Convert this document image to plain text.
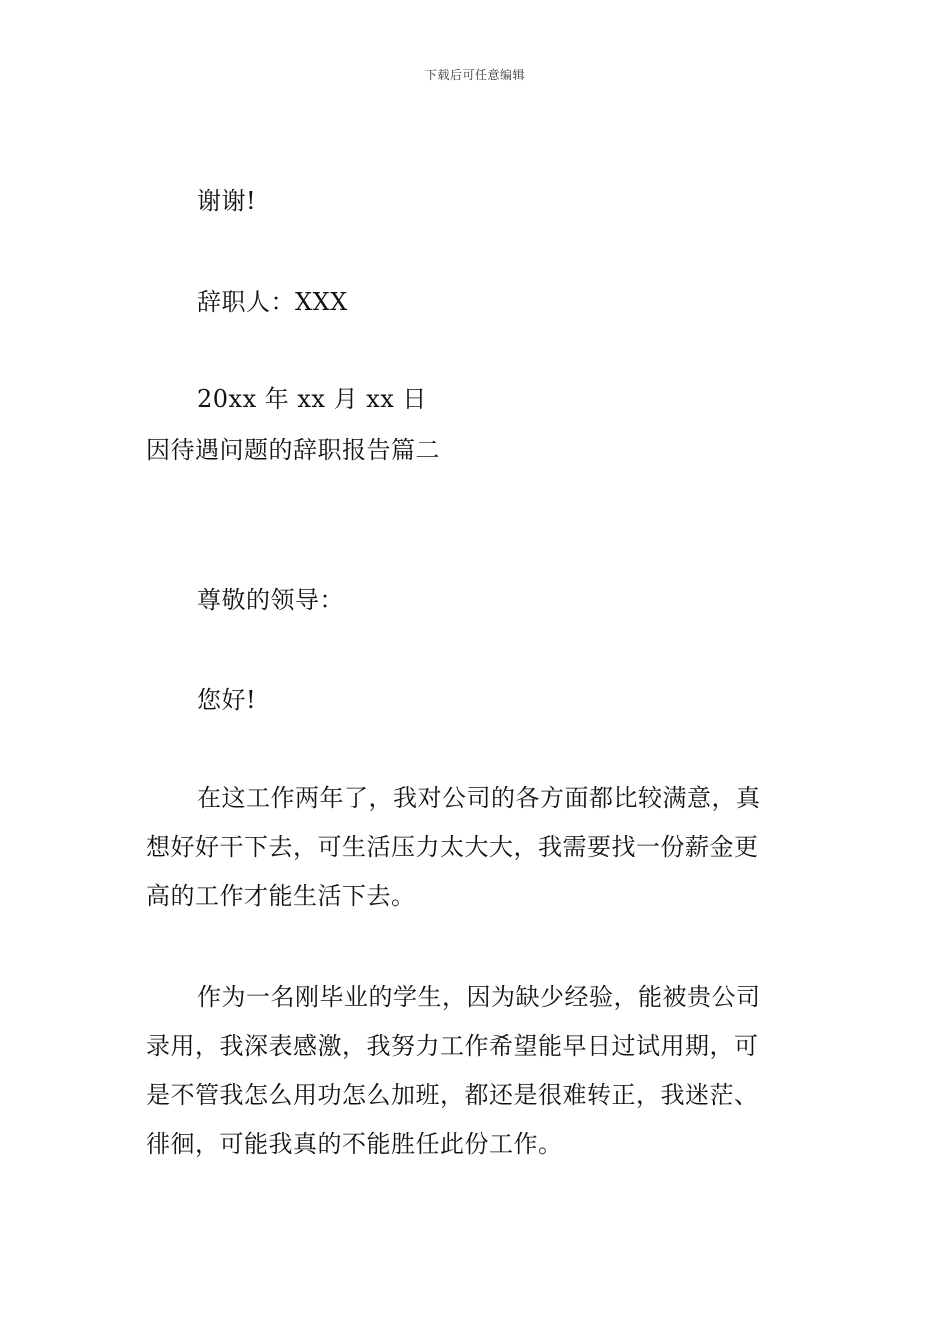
下载后可任意编辑
谢谢!
辞职人：XXX
20xx 年 xx 月 xx 日
因待遇问题的辞职报告篇二
尊敬的领导：
您好!
在这工作两年了，我对公司的各方面都比较满意，真
想好好干下去，可生活压力太大大，我需要找一份薪金更
高的工作才能生活下去。
作为一名刚毕业的学生，因为缺少经验，能被贵公司
录用，我深表感激，我努力工作希望能早日过试用期，可
是不管我怎么用功怎么加班，都还是很难转正，我迷茫、
徘徊，可能我真的不能胜任此份工作。
